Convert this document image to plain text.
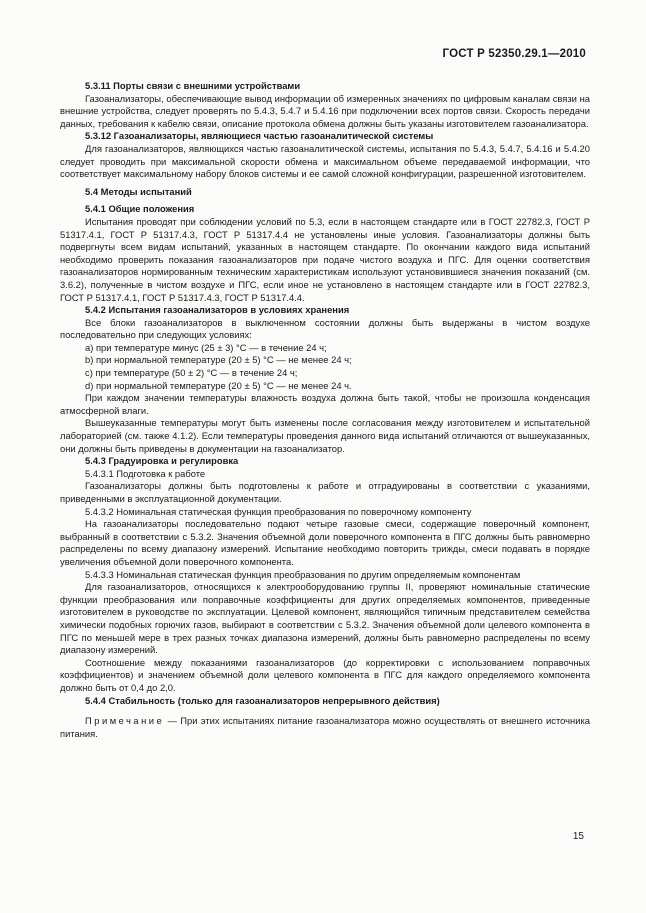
ГОСТ Р 52350.29.1—2010

5.3.11 Порты связи с внешними устройствами

Газоанализаторы, обеспечивающие вывод информации об измеренных значениях по цифровым каналам связи на внешние устройства, следует проверять по 5.4.3, 5.4.7 и 5.4.16 при подключении всех портов связи. Скорость передачи данных, требования к кабелю связи, описание протокола обмена должны быть указаны изготовителем газоанализатора.

5.3.12 Газоанализаторы, являющиеся частью газоаналитической системы

Для газоанализаторов, являющихся частью газоаналитической системы, испытания по 5.4.3, 5.4.7, 5.4.16 и 5.4.20 следует проводить при максимальной скорости обмена и максимальном объеме передаваемой информации, что соответствует максимальному набору блоков системы и ее самой сложной конфигурации, разрешенной изготовителем.

5.4 Методы испытаний

5.4.1 Общие положения

Испытания проводят при соблюдении условий по 5.3, если в настоящем стандарте или в ГОСТ 22782.3, ГОСТ Р 51317.4.1, ГОСТ Р 51317.4.3, ГОСТ Р 51317.4.4 не установлены иные условия. Газоанализаторы должны быть подвергнуты всем видам испытаний, указанных в настоящем стандарте. По окончании каждого вида испытаний необходимо проверить показания газоанализаторов при подаче чистого воздуха и ПГС. Для оценки соответствия газоанализаторов нормированным техническим характеристикам используют установившиеся значения показаний (см. 3.6.2), полученные в чистом воздухе и ПГС, если иное не установлено в настоящем стандарте или в ГОСТ 22782.3, ГОСТ Р 51317.4.1, ГОСТ Р 51317.4.3, ГОСТ Р 51317.4.4.

5.4.2 Испытания газоанализаторов в условиях хранения

Все блоки газоанализаторов в выключенном состоянии должны быть выдержаны в чистом воздухе последовательно при следующих условиях:

a) при температуре минус (25 ± 3) °С — в течение 24 ч;

b) при нормальной температуре (20 ± 5) °С — не менее 24 ч;

c) при температуре (50 ± 2) °С — в течение 24 ч;

d) при нормальной температуре (20 ± 5) °С — не менее 24 ч.

При каждом значении температуры влажность воздуха должна быть такой, чтобы не произошла конденсация атмосферной влаги.

Вышеуказанные температуры могут быть изменены после согласования между изготовителем и испытательной лабораторией (см. также 4.1.2). Если температуры проведения данного вида испытаний отличаются от вышеуказанных, они должны быть приведены в документации на газоанализатор.

5.4.3 Градуировка и регулировка

5.4.3.1 Подготовка к работе

Газоанализаторы должны быть подготовлены к работе и отградуированы в соответствии с указаниями, приведенными в эксплуатационной документации.

5.4.3.2 Номинальная статическая функция преобразования по поверочному компоненту

На газоанализаторы последовательно подают четыре газовые смеси, содержащие поверочный компонент, выбранный в соответствии с 5.3.2. Значения объемной доли поверочного компонента в ПГС должны быть равномерно распределены по всему диапазону измерений. Испытание необходимо повторить трижды, смеси подавать в порядке увеличения объемной доли поверочного компонента.

5.4.3.3 Номинальная статическая функция преобразования по другим определяемым компонентам

Для газоанализаторов, относящихся к электрооборудованию группы II, проверяют номинальные статические функции преобразования или поправочные коэффициенты для других определяемых компонентов, приведенные изготовителем в руководстве по эксплуатации. Целевой компонент, являющийся типичным представителем семейства химически подобных горючих газов, выбирают в соответствии с 5.3.2. Значения объемной доли целевого компонента в ПГС по меньшей мере в трех разных точках диапазона измерений, должны быть равномерно распределены по всему диапазону измерений.

Соотношение между показаниями газоанализаторов (до корректировки с использованием поправочных коэффициентов) и значением объемной доли целевого компонента в ПГС для каждого определяемого компонента должно быть от 0,4 до 2,0.

5.4.4 Стабильность (только для газоанализаторов непрерывного действия)

Примечание — При этих испытаниях питание газоанализатора можно осуществлять от внешнего источника питания.

15
